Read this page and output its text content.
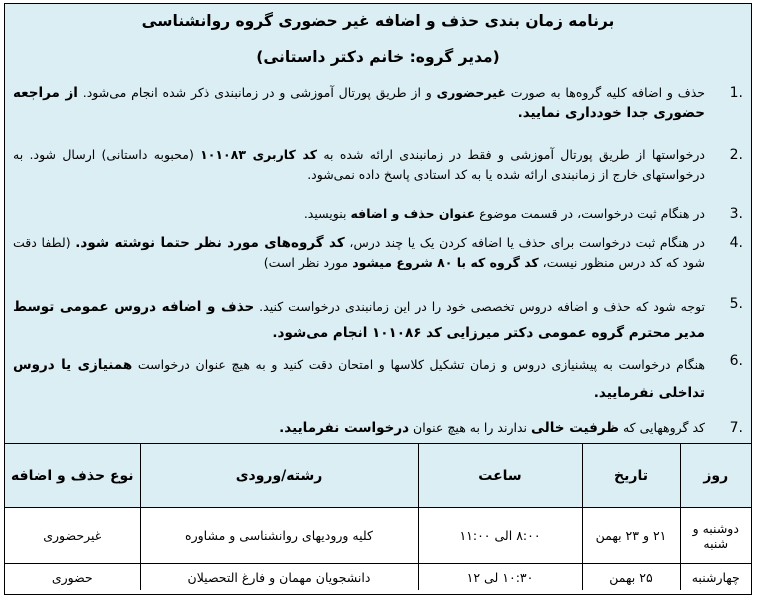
برنامه زمان بندی حذف و اضافه غیر حضوری گروه روانشناسی
(مدیر گروه: خانم دکتر داستانی)
1.
حذف و اضافه کلیه گروه‌ها به صورت غیرحضوری و از طریق پورتال آموزشی و در زمانبندی ذکر شده انجام می‌شود. از مراجعه حضوری جدا خودداری نمایید.
2.
درخواستها از طریق پورتال آموزشی و فقط در زمانبندی ارائه شده به کد کاربری ۱۰۱۰۸۳ (محبوبه داستانی) ارسال شود. به درخواستهای خارج از زمانبندی ارائه شده یا به کد استادی پاسخ داده نمی‌شود.
3.
در هنگام ثبت درخواست، در قسمت موضوع عنوان حذف و اضافه بنویسید.
4.
در هنگام ثبت درخواست برای حذف یا اضافه کردن یک یا چند درس، کد گروه‌های مورد نظر حتما نوشته شود. (لطفا دقت شود که کد درس منظور نیست، کد گروه که با ۸۰ شروع میشود مورد نظر است)
5.
توجه شود که حذف و اضافه دروس تخصصی خود را در این زمانبندی درخواست کنید. حذف و اضافه دروس عمومی توسط مدیر محترم گروه عمومی دکتر میرزایی کد ۱۰۱۰۸۶ انجام می‌شود.
6.
هنگام درخواست به پیشنیازی دروس و زمان تشکیل کلاسها و امتحان دقت کنید و به هیچ عنوان درخواست همنیازی یا دروس تداخلی نفرمایید.
7.
کد گروههایی که ظرفیت خالی ندارند را به هیچ عنوان درخواست نفرمایید.
روز	تاریخ	ساعت	رشته/ورودی	نوع حذف و اضافه
دوشنبه و شنبه	۲۱ و ۲۳ بهمن	۸:۰۰ الی ۱۱:۰۰	کلیه ورودیهای روانشناسی و مشاوره	غیرحضوری
چهارشنبه	۲۵ بهمن	۱۰:۳۰ لی ۱۲	دانشجویان مهمان و فارغ التحصیلان	حضوری
